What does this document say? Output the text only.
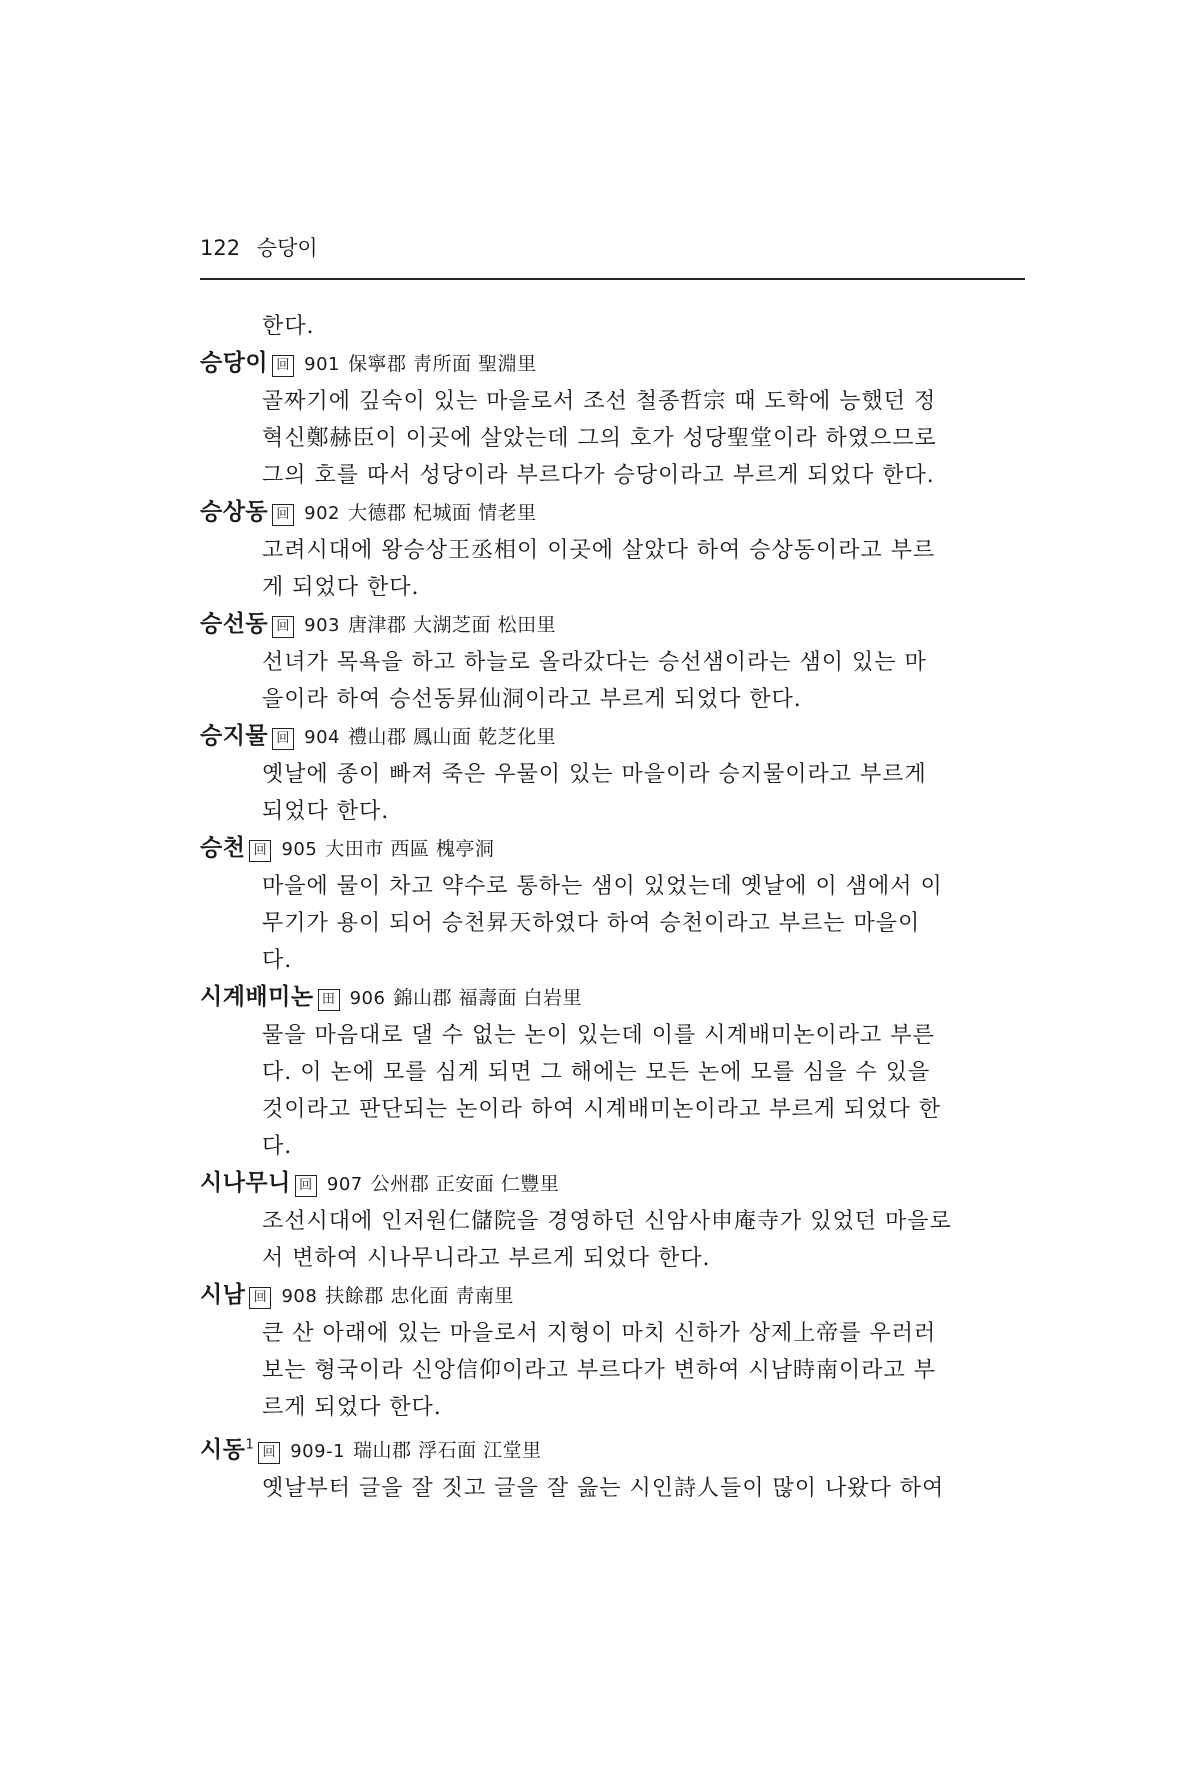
122 승당이
한다.
승당이 回 901 保寧郡 靑所面 聖淵里
골짜기에 깊숙이 있는 마을로서 조선 철종哲宗 때 도학에 능했던 정
혁신鄭赫臣이 이곳에 살았는데 그의 호가 성당聖堂이라 하였으므로
그의 호를 따서 성당이라 부르다가 승당이라고 부르게 되었다 한다.
승상동 回 902 大德郡 杞城面 情老里
고려시대에 왕승상王丞相이 이곳에 살았다 하여 승상동이라고 부르
게 되었다 한다.
승선동 回 903 唐津郡 大湖芝面 松田里
선녀가 목욕을 하고 하늘로 올라갔다는 승선샘이라는 샘이 있는 마
을이라 하여 승선동昇仙洞이라고 부르게 되었다 한다.
승지물 回 904 禮山郡 鳳山面 乾芝化里
옛날에 종이 빠져 죽은 우물이 있는 마을이라 승지물이라고 부르게
되었다 한다.
승천 回 905 大田市 西區 槐亭洞
마을에 물이 차고 약수로 통하는 샘이 있었는데 옛날에 이 샘에서 이
무기가 용이 되어 승천昇天하였다 하여 승천이라고 부르는 마을이
다.
시계배미논 田 906 錦山郡 福壽面 白岩里
물을 마음대로 댈 수 없는 논이 있는데 이를 시계배미논이라고 부른
다. 이 논에 모를 심게 되면 그 해에는 모든 논에 모를 심을 수 있을
것이라고 판단되는 논이라 하여 시계배미논이라고 부르게 되었다 한
다.
시나무니 回 907 公州郡 正安面 仁豐里
조선시대에 인저원仁儲院을 경영하던 신암사申庵寺가 있었던 마을로
서 변하여 시나무니라고 부르게 되었다 한다.
시남 回 908 扶餘郡 忠化面 靑南里
큰 산 아래에 있는 마을로서 지형이 마치 신하가 상제上帝를 우러러
보는 형국이라 신앙信仰이라고 부르다가 변하여 시남時南이라고 부
르게 되었다 한다.
시동$^1$回 909-1 瑞山郡 浮石面 江堂里
옛날부터 글을 잘 짓고 글을 잘 읊는 시인詩人들이 많이 나왔다 하여
